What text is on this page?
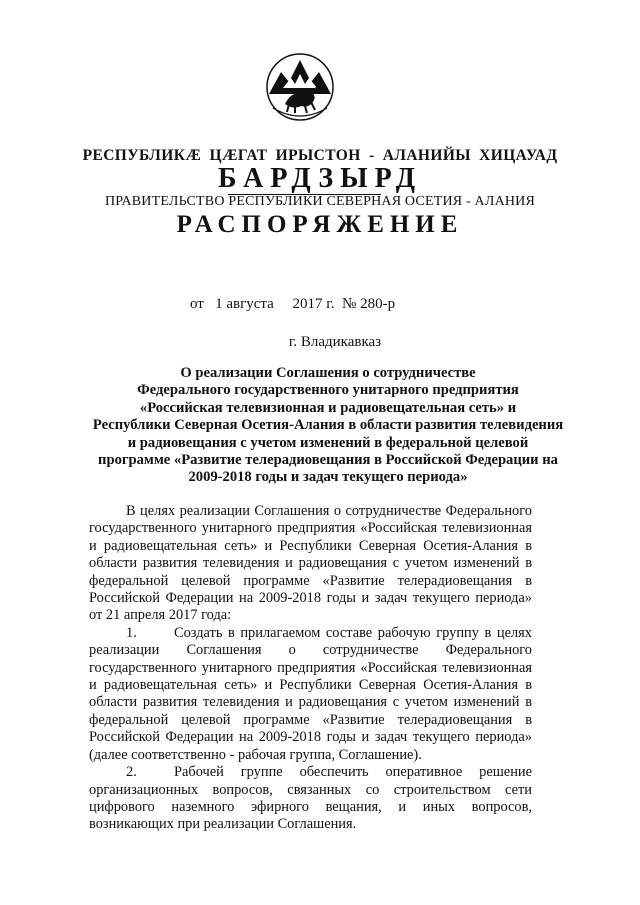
РЕСПУБЛИКӔ ЦӔГАТ ИРЫСТОН - АЛАНИЙЫ ХИЦАУАД
БАРДЗЫРД
ПРАВИТЕЛЬСТВО РЕСПУБЛИКИ СЕВЕРНАЯ ОСЕТИЯ - АЛАНИЯ
РАСПОРЯЖЕНИЕ
от   1 августа     2017 г.  № 280-р
г. Владикавказ
О реализации Соглашения о сотрудничестве
Федерального государственного унитарного предприятия
«Российская телевизионная и радиовещательная сеть» и
Республики Северная Осетия-Алания в области развития телевидения
и радиовещания с учетом изменений в федеральной целевой
программе «Развитие телерадиовещания в Российской Федерации на
2009-2018 годы и задач текущего периода»

В целях реализации Соглашения о сотрудничестве Федерального государственного унитарного предприятия «Российская телевизионная и радиовещательная сеть» и Республики Северная Осетия-Алания в области развития телевидения и радиовещания с учетом изменений в федеральной целевой программе «Развитие телерадиовещания в Российской Федерации на 2009-2018 годы и задач текущего периода» от 21 апреля 2017 года:

1.	Создать в прилагаемом составе рабочую группу в целях реализации Соглашения о сотрудничестве Федерального государственного унитарного предприятия «Российская телевизионная и радиовещательная сеть» и Республики Северная Осетия-Алания в области развития телевидения и радиовещания с учетом изменений в федеральной целевой программе «Развитие телерадиовещания в Российской Федерации на 2009-2018 годы и задач текущего периода» (далее соответственно - рабочая группа, Соглашение).

2.	Рабочей группе обеспечить оперативное решение организационных вопросов, связанных со строительством сети цифрового наземного эфирного вещания, и иных вопросов, возникающих при реализации Соглашения.
